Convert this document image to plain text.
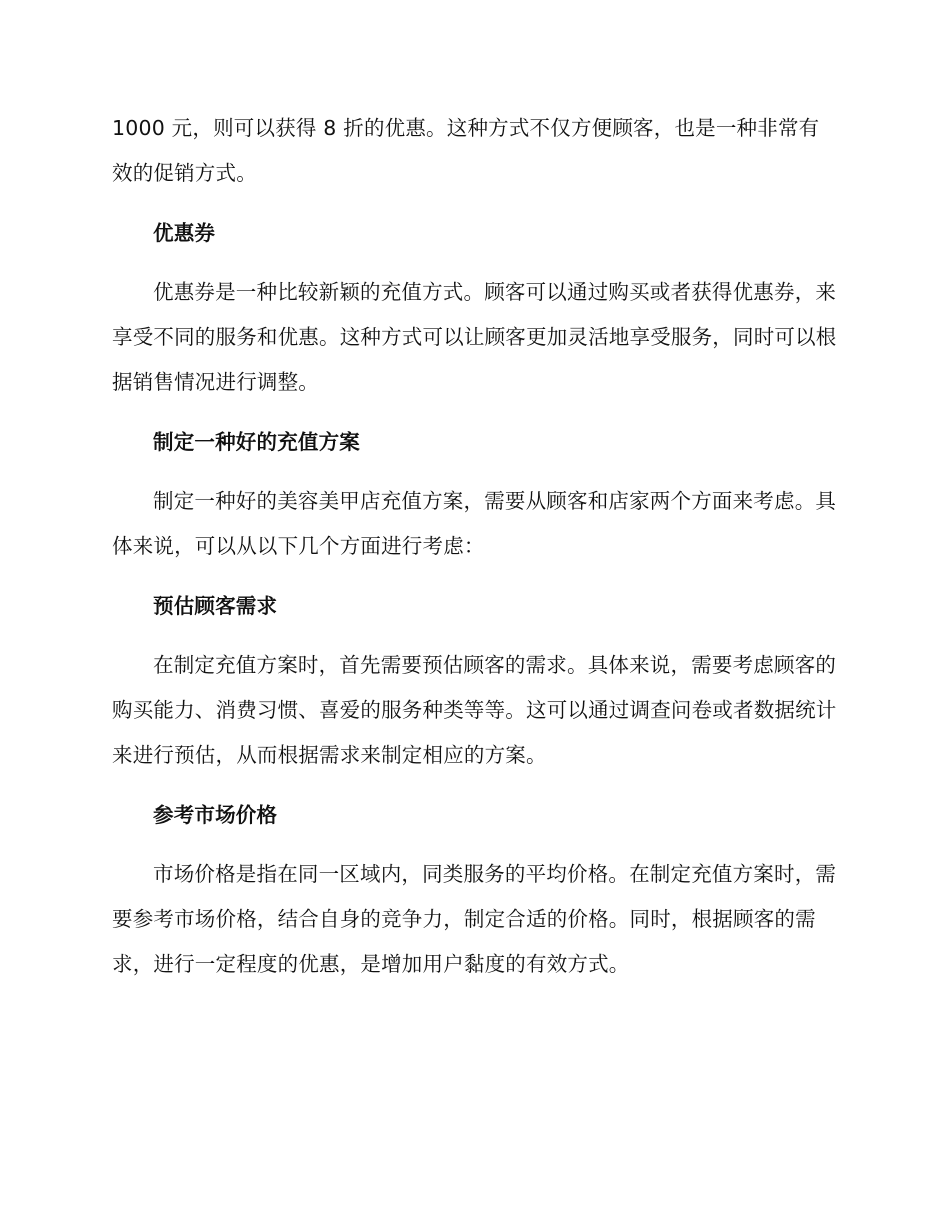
1000 元，则可以获得 8 折的优惠。这种方式不仅方便顾客，也是一种非常有效的促销方式。

优惠券

优惠券是一种比较新颖的充值方式。顾客可以通过购买或者获得优惠券，来享受不同的服务和优惠。这种方式可以让顾客更加灵活地享受服务，同时可以根据销售情况进行调整。

制定一种好的充值方案

制定一种好的美容美甲店充值方案，需要从顾客和店家两个方面来考虑。具体来说，可以从以下几个方面进行考虑：

预估顾客需求

在制定充值方案时，首先需要预估顾客的需求。具体来说，需要考虑顾客的购买能力、消费习惯、喜爱的服务种类等等。这可以通过调查问卷或者数据统计来进行预估，从而根据需求来制定相应的方案。

参考市场价格

市场价格是指在同一区域内，同类服务的平均价格。在制定充值方案时，需要参考市场价格，结合自身的竞争力，制定合适的价格。同时，根据顾客的需求，进行一定程度的优惠，是增加用户黏度的有效方式。
